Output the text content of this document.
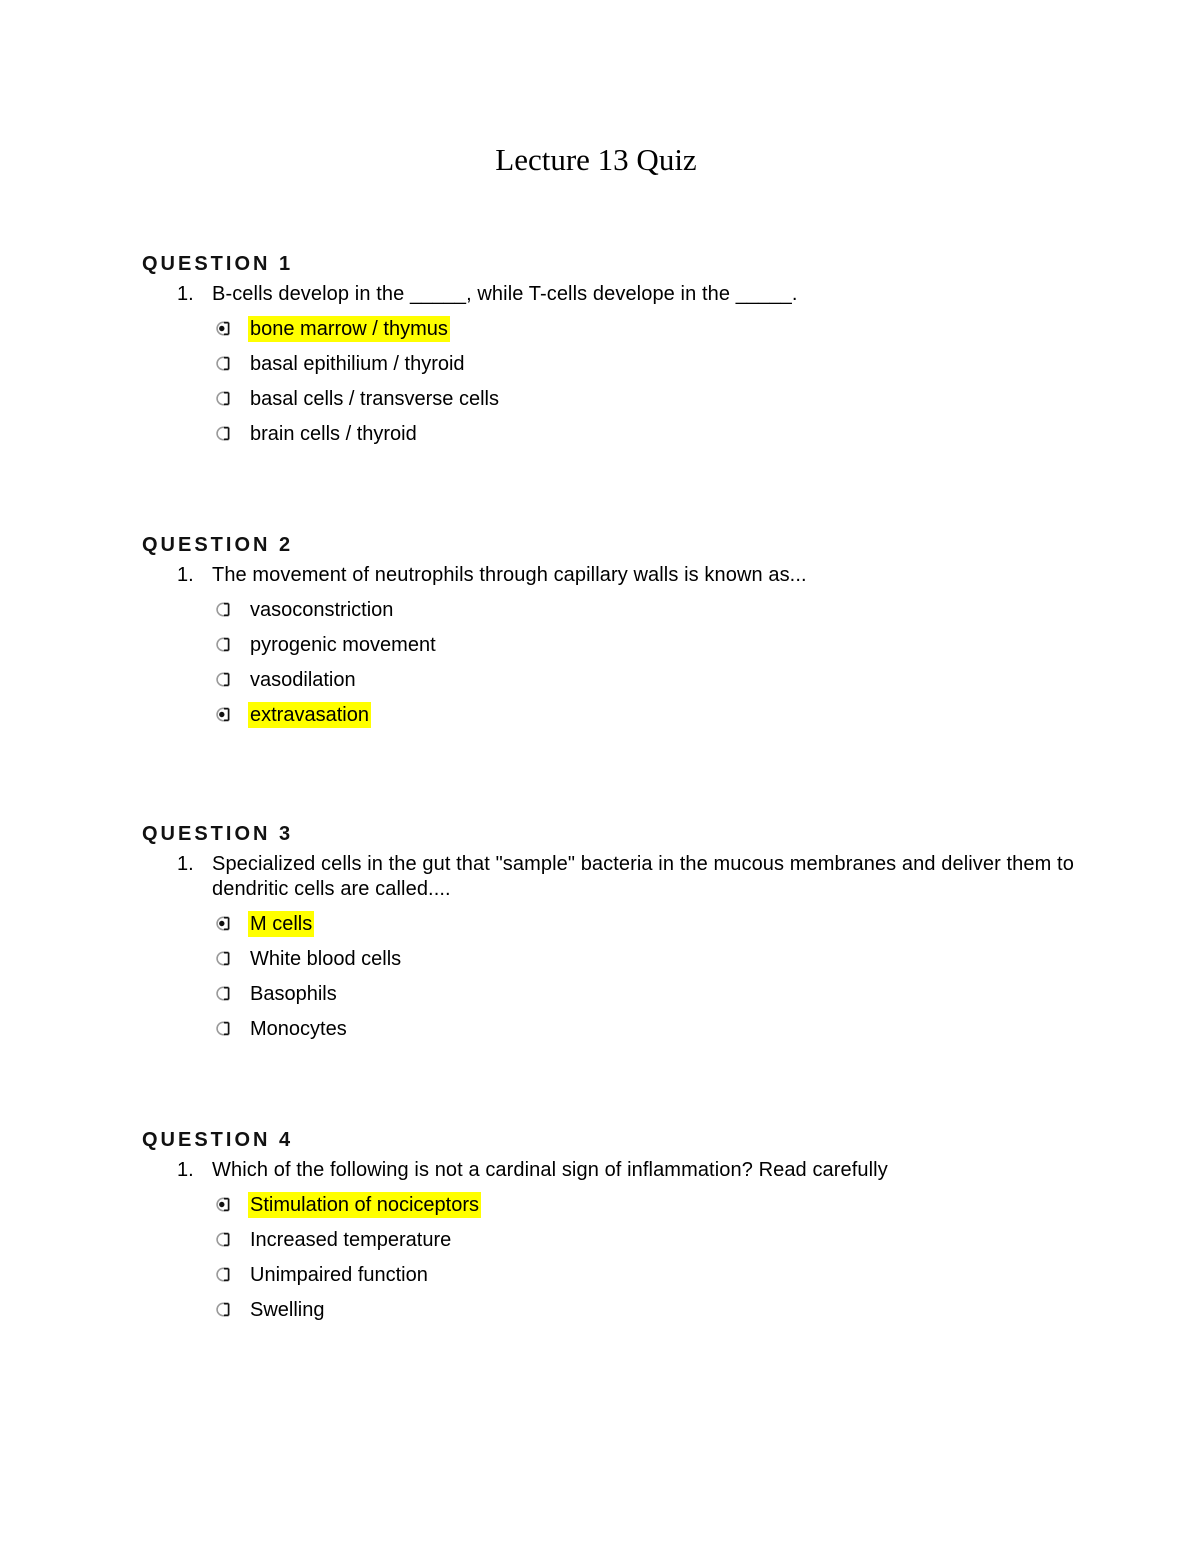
Lecture 13 Quiz
QUESTION 1
1. B-cells develop in the _____, while T-cells develope in the _____.
bone marrow / thymus
basal epithilium / thyroid
basal cells / transverse cells
brain cells / thyroid
QUESTION 2
1. The movement of neutrophils through capillary walls is known as...
vasoconstriction
pyrogenic movement
vasodilation
extravasation
QUESTION 3
1. Specialized cells in the gut that "sample" bacteria in the mucous membranes and deliver them to dendritic cells are called....
M cells
White blood cells
Basophils
Monocytes
QUESTION 4
1. Which of the following is not a cardinal sign of inflammation? Read carefully
Stimulation of nociceptors
Increased temperature
Unimpaired function
Swelling
